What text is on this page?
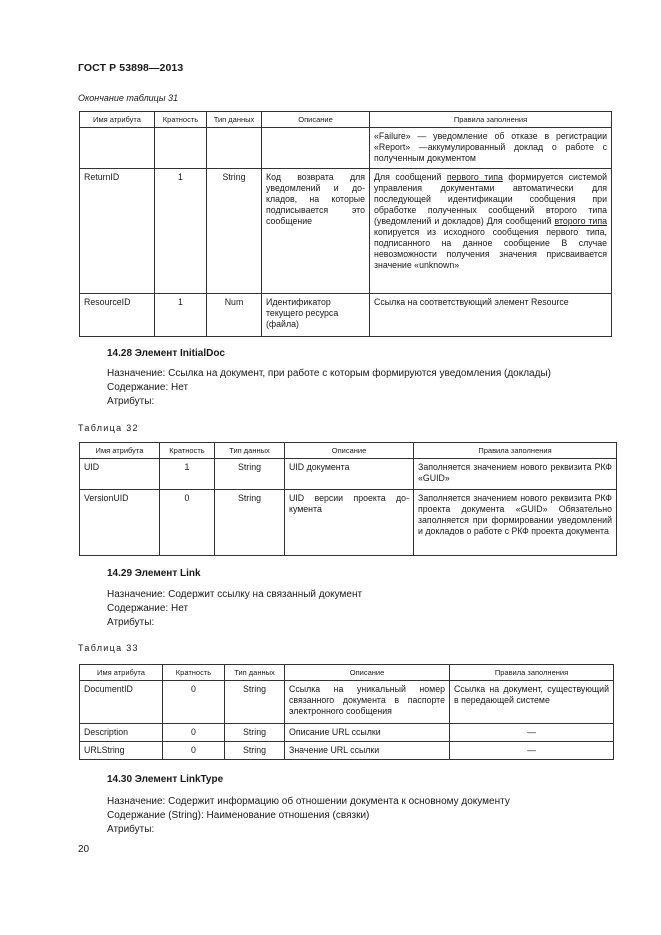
ГОСТ Р 53898—2013
Окончание таблицы 31
Имя атрибута	Кратность	Тип данных	Описание	Правила заполнения
				«Failure» — уведомление об отказе в регистрации «Report» —аккумулированный доклад о работе с полученным документом
ReturnID	1	String	Код возврата для уведомлений и докладов, на которые подписывается это сообщение	Для сообщений первого типа формируется системой управления документами автоматически для последующей идентификации сообщения при обработке полученных сообщений второго типа (уведомлений и докладов) Для сообщений второго типа копируется из исходного сообщения первого типа, подписанного на данное сообщение В случае невозможности получения значения присваивается значение «unknown»
ResourceID	1	Num	Идентификатор текущего ресурса (файла)	Ссылка на соответствующий элемент Resource
14.28 Элемент InitialDoc
Назначение: Ссылка на документ, при работе с которым формируются уведомления (доклады)
Содержание: Нет
Атрибуты:
Таблица 32
Имя атрибута	Кратность	Тип данных	Описание	Правила заполнения
UID	1	String	UID документа	Заполняется значением нового реквизита РКФ «GUID»
VersionUID	0	String	UID версии проекта документа	Заполняется значением нового реквизита РКФ проекта документа «GUID» Обязательно заполняется при формировании уведомлений и докладов о работе с РКФ проекта документа
14.29 Элемент Link
Назначение: Содержит ссылку на связанный документ
Содержание: Нет
Атрибуты:
Таблица 33
Имя атрибута	Кратность	Тип данных	Описание	Правила заполнения
DocumentID	0	String	Ссылка на уникальный номер связанного документа в паспорте электронного сообщения	Ссылка на документ, существующий в передающей системе
Description	0	String	Описание URL ссылки	—
URLString	0	String	Значение URL ссылки	—
14.30 Элемент LinkType
Назначение: Содержит информацию об отношении документа к основному документу
Содержание (String): Наименование отношения (связки)
Атрибуты:
20
